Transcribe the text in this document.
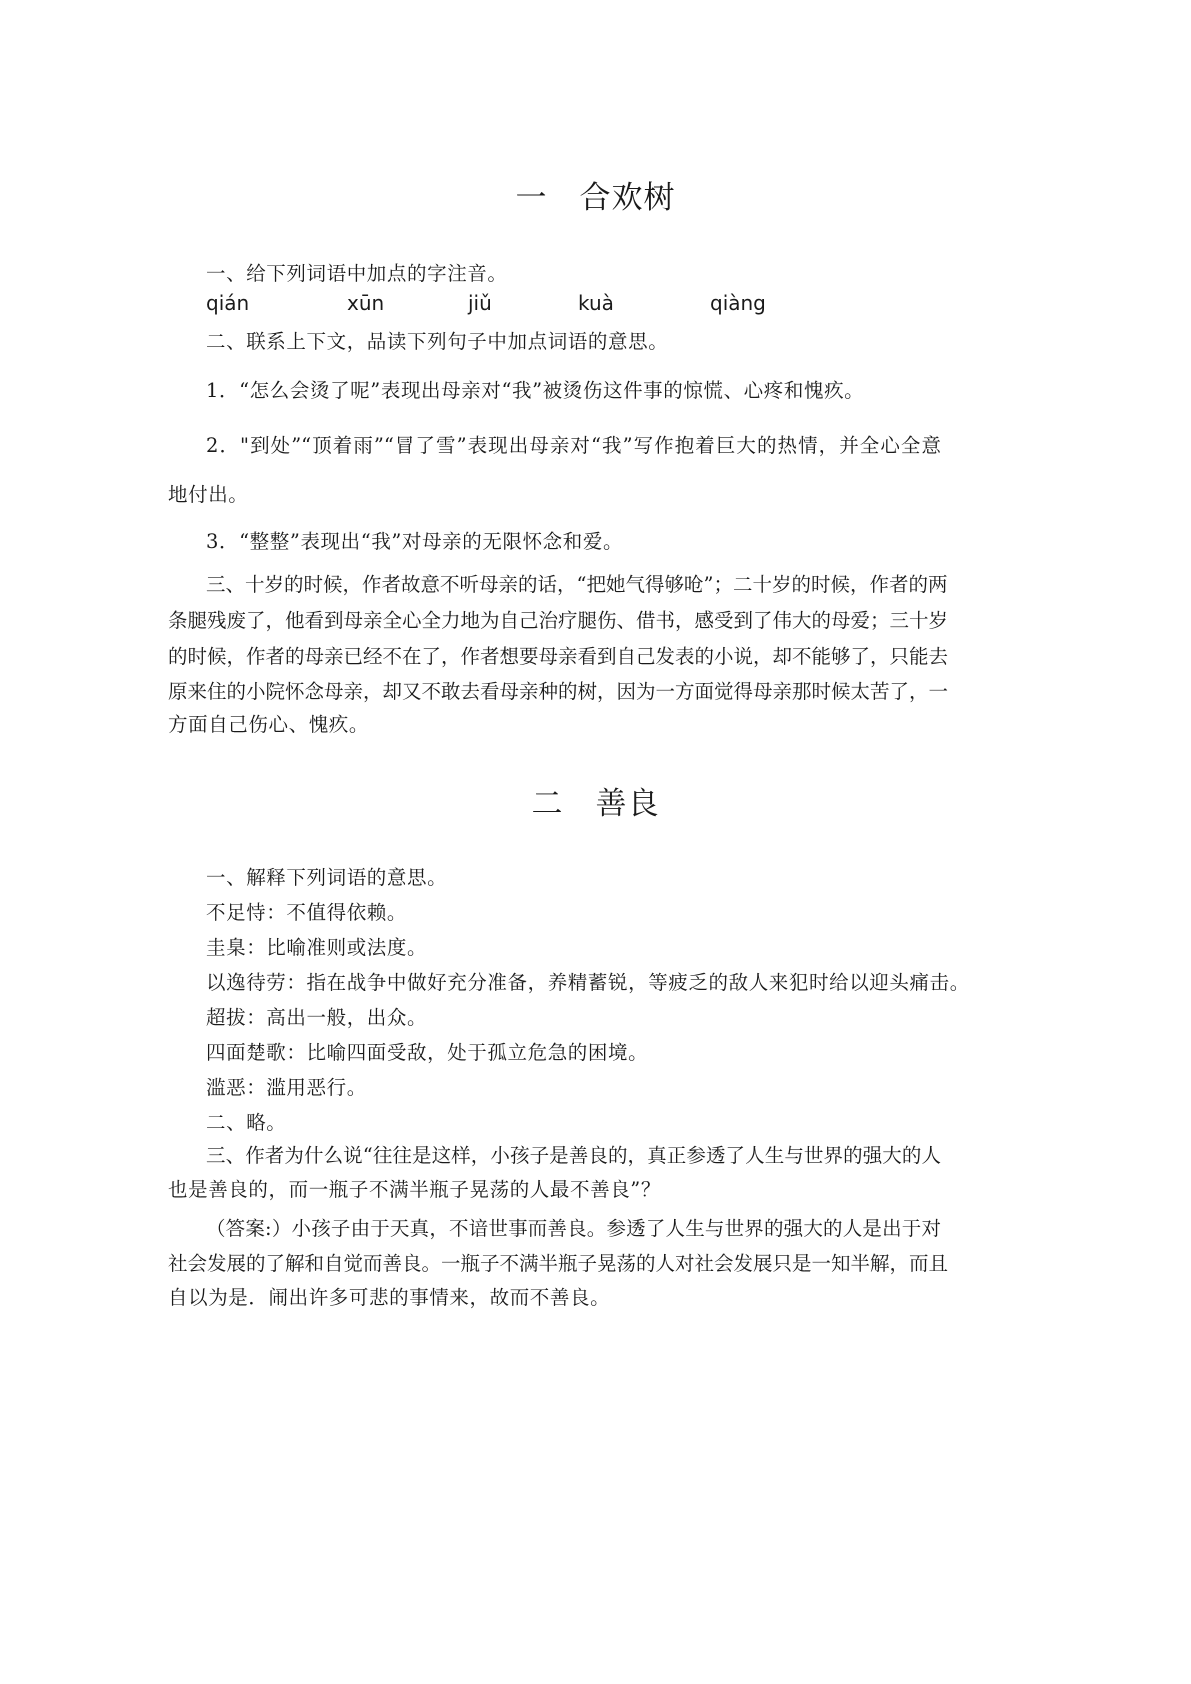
一　合欢树
一、给下列词语中加点的字注音。
qián	xūn	jiǔ	kuà	qiàng
二、联系上下文，品读下列句子中加点词语的意思。
1．“怎么会烫了呢”表现出母亲对“我”被烫伤这件事的惊慌、心疼和愧疚。
2．"到处”“顶着雨”“冒了雪”表现出母亲对“我”写作抱着巨大的热情，并全心全意
地付出。
3．“整整”表现出“我”对母亲的无限怀念和爱。
三、十岁的时候，作者故意不听母亲的话，“把她气得够呛”；二十岁的时候，作者的两
条腿残废了，他看到母亲全心全力地为自己治疗腿伤、借书，感受到了伟大的母爱；三十岁
的时候，作者的母亲已经不在了，作者想要母亲看到自己发表的小说，却不能够了，只能去
原来住的小院怀念母亲，却又不敢去看母亲种的树，因为一方面觉得母亲那时候太苦了，一
方面自己伤心、愧疚。
二　善良
一、解释下列词语的意思。
不足恃：不值得依赖。
圭臬：比喻准则或法度。
以逸待劳：指在战争中做好充分准备，养精蓄锐，等疲乏的敌人来犯时给以迎头痛击。
超拔：高出一般，出众。
四面楚歌：比喻四面受敌，处于孤立危急的困境。
滥恶：滥用恶行。
二、略。
三、作者为什么说“往往是这样，小孩子是善良的，真正参透了人生与世界的强大的人
也是善良的，而一瓶子不满半瓶子晃荡的人最不善良”？
（答案:）小孩子由于天真，不谙世事而善良。参透了人生与世界的强大的人是出于对
社会发展的了解和自觉而善良。一瓶子不满半瓶子晃荡的人对社会发展只是一知半解，而且
自以为是．闹出许多可悲的事情来，故而不善良。
